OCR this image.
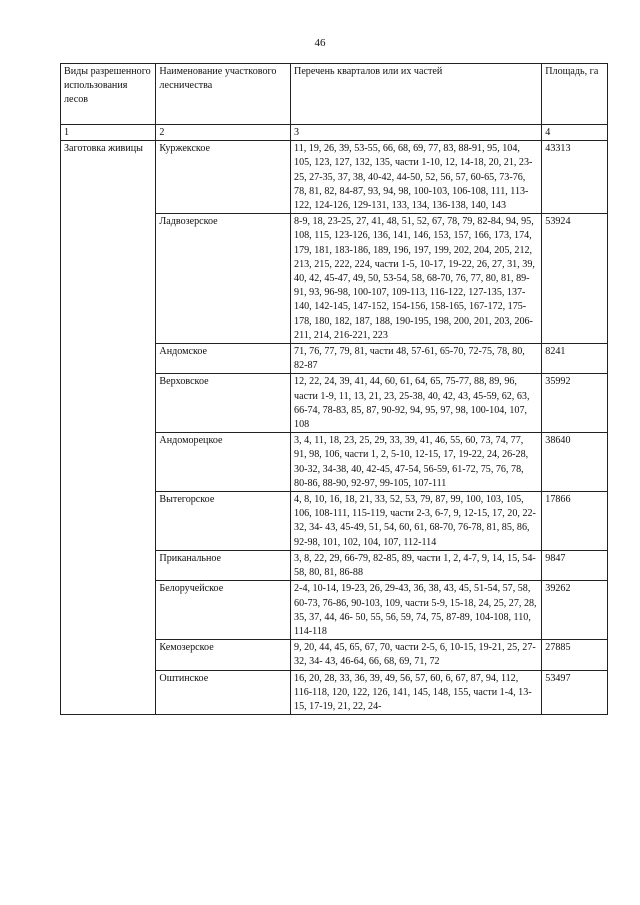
46
Виды разрешенного использования лесов	Наименование участкового лесничества	Перечень кварталов или их частей	Площадь, га
1	2	3	4
Заготовка живицы	Куржекское	11, 19, 26, 39, 53-55, 66, 68, 69, 77, 83, 88-91, 95, 104, 105, 123, 127, 132, 135, части 1-10, 12, 14-18, 20, 21, 23-25, 27-35, 37, 38, 40-42, 44-50, 52, 56, 57, 60-65, 73-76, 78, 81, 82, 84-87, 93, 94, 98, 100-103, 106-108, 111, 113-122, 124-126, 129-131, 133, 134, 136-138, 140, 143	43313
	Ладвозерское	8-9, 18, 23-25, 27, 41, 48, 51, 52, 67, 78, 79, 82-84, 94, 95, 108, 115, 123-126, 136, 141, 146, 153, 157, 166, 173, 174, 179, 181, 183-186, 189, 196, 197, 199, 202, 204, 205, 212, 213, 215, 222, 224, части 1-5, 10-17, 19-22, 26, 27, 31, 39, 40, 42, 45-47, 49, 50, 53-54, 58, 68-70, 76, 77, 80, 81, 89-91, 93, 96-98, 100-107, 109-113, 116-122, 127-135, 137-140, 142-145, 147-152, 154-156, 158-165, 167-172, 175-178, 180, 182, 187, 188, 190-195, 198, 200, 201, 203, 206- 211, 214, 216-221, 223	53924
	Андомское	71, 76, 77, 79, 81, части 48, 57-61, 65-70, 72-75, 78, 80, 82-87	8241
	Верховское	12, 22, 24, 39, 41, 44, 60, 61, 64, 65, 75-77, 88, 89, 96, части 1-9, 11, 13, 21, 23, 25-38, 40, 42, 43, 45-59, 62, 63, 66-74, 78-83, 85, 87, 90-92, 94, 95, 97, 98, 100-104, 107, 108	35992
	Андоморецкое	3, 4, 11, 18, 23, 25, 29, 33, 39, 41, 46, 55, 60, 73, 74, 77, 91, 98, 106, части 1, 2, 5-10, 12-15, 17, 19-22, 24, 26-28, 30-32, 34-38, 40, 42-45, 47-54, 56-59, 61-72, 75, 76, 78, 80-86, 88-90, 92-97, 99-105, 107-111	38640
	Вытегорское	4, 8, 10, 16, 18, 21, 33, 52, 53, 79, 87, 99, 100, 103, 105, 106, 108-111, 115-119, части 2-3, 6-7, 9, 12-15, 17, 20, 22-32, 34- 43, 45-49, 51, 54, 60, 61, 68-70, 76-78, 81, 85, 86, 92-98, 101, 102, 104, 107, 112-114	17866
	Приканальное	3, 8, 22, 29, 66-79, 82-85, 89, части 1, 2, 4-7, 9, 14, 15, 54-58, 80, 81, 86-88	9847
	Белоручейское	2-4, 10-14, 19-23, 26, 29-43, 36, 38, 43, 45, 51-54, 57, 58, 60-73, 76-86, 90-103, 109, части 5-9, 15-18, 24, 25, 27, 28, 35, 37, 44, 46- 50, 55, 56, 59, 74, 75, 87-89, 104-108, 110, 114-118	39262
	Кемозерское	9, 20, 44, 45, 65, 67, 70, части 2-5, 6, 10-15, 19-21, 25, 27-32, 34- 43, 46-64, 66, 68, 69, 71, 72	27885
	Оштинское	16, 20, 28, 33, 36, 39, 49, 56, 57, 60, 6, 67, 87, 94, 112, 116-118, 120, 122, 126, 141, 145, 148, 155, части 1-4, 13-15, 17-19, 21, 22, 24-	53497
